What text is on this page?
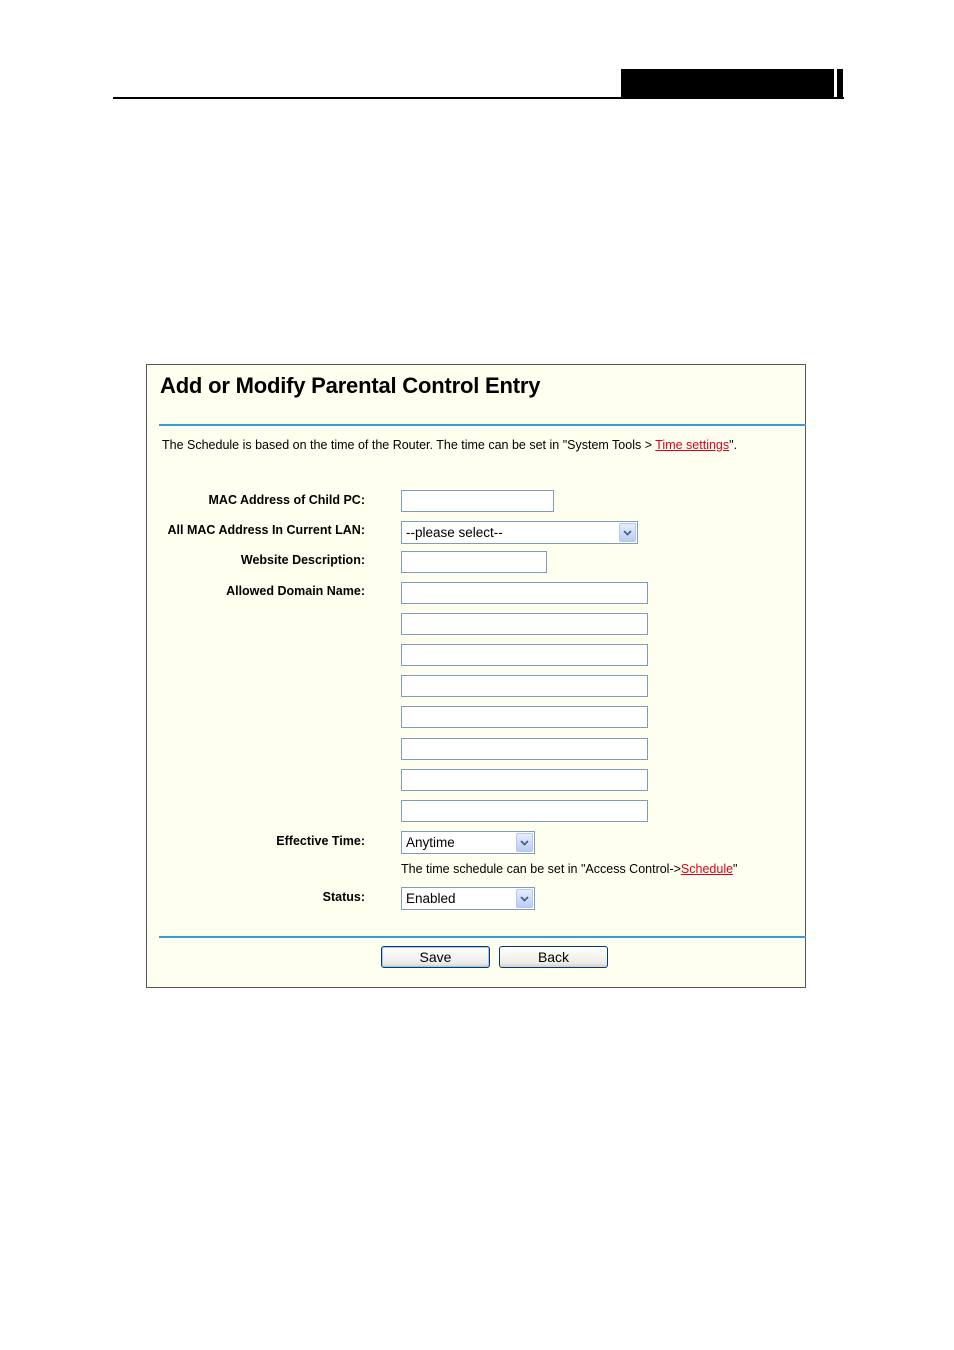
Add or Modify Parental Control Entry
The Schedule is based on the time of the Router. The time can be set in "System Tools > Time settings".
MAC Address of Child PC:
All MAC Address In Current LAN:	--please select--
Website Description:
Allowed Domain Name:
Effective Time:	Anytime
The time schedule can be set in "Access Control->Schedule"
Status:	Enabled
Save	Back
